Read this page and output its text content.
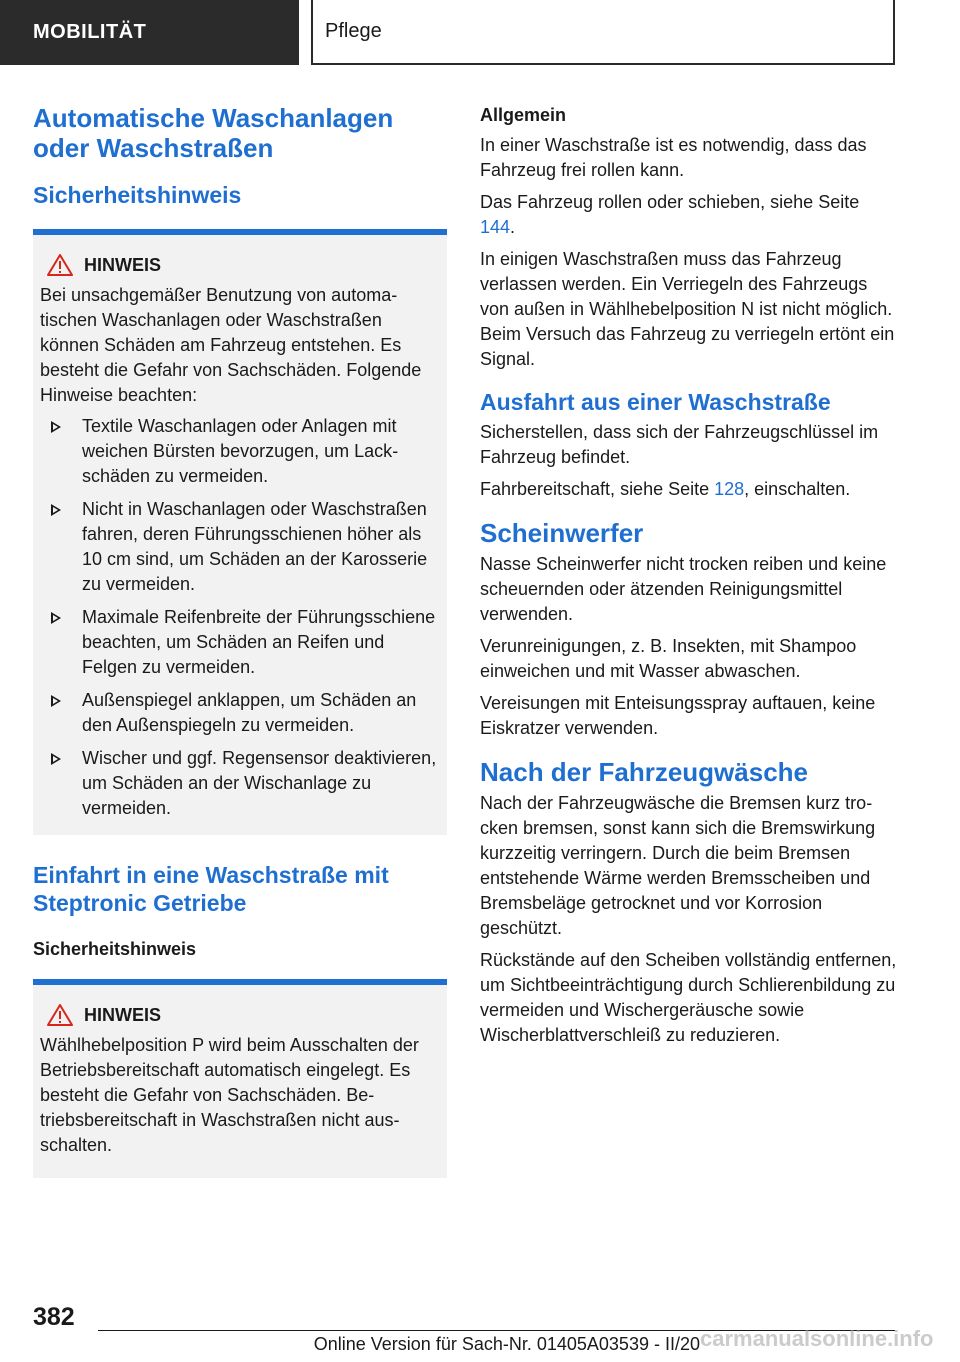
MOBILITÄT	Pflege
Automatische Waschanlagen oder Waschstraßen
Sicherheitshinweis
HINWEIS

Bei unsachgemäßer Benutzung von automatischen Waschanlagen oder Waschstraßen können Schäden am Fahrzeug entstehen. Es besteht die Gefahr von Sachschäden. Folgende Hinweise beachten:

Textile Waschanlagen oder Anlagen mit weichen Bürsten bevorzugen, um Lackschäden zu vermeiden.
Nicht in Waschanlagen oder Waschstraßen fahren, deren Führungsschienen höher als 10 cm sind, um Schäden an der Karosserie zu vermeiden.
Maximale Reifenbreite der Führungsschiene beachten, um Schäden an Reifen und Felgen zu vermeiden.
Außenspiegel anklappen, um Schäden an den Außenspiegeln zu vermeiden.
Wischer und ggf. Regensensor deaktivieren, um Schäden an der Wischanlage zu vermeiden.
Einfahrt in eine Waschstraße mit Steptronic Getriebe
Sicherheitshinweis
HINWEIS

Wählhebelposition P wird beim Ausschalten der Betriebsbereitschaft automatisch eingelegt. Es besteht die Gefahr von Sachschäden. Betriebsbereitschaft in Waschstraßen nicht ausschalten.

Allgemein

In einer Waschstraße ist es notwendig, dass das Fahrzeug frei rollen kann.

Das Fahrzeug rollen oder schieben, siehe Seite 144.

In einigen Waschstraßen muss das Fahrzeug verlassen werden. Ein Verriegeln des Fahrzeugs von außen in Wählhebelposition N ist nicht möglich. Beim Versuch das Fahrzeug zu verriegeln ertönt ein Signal.

Ausfahrt aus einer Waschstraße

Sicherstellen, dass sich der Fahrzeugschlüssel im Fahrzeug befindet.

Fahrbereitschaft, siehe Seite 128, einschalten.

Scheinwerfer

Nasse Scheinwerfer nicht trocken reiben und keine scheuernden oder ätzenden Reinigungsmittel verwenden.

Verunreinigungen, z. B. Insekten, mit Shampoo einweichen und mit Wasser abwaschen.

Vereisungen mit Enteisungsspray auftauen, keine Eiskratzer verwenden.

Nach der Fahrzeugwäsche

Nach der Fahrzeugwäsche die Bremsen kurz trocken bremsen, sonst kann sich die Bremswirkung kurzzeitig verringern. Durch die beim Bremsen entstehende Wärme werden Bremsscheiben und Bremsbeläge getrocknet und vor Korrosion geschützt.

Rückstände auf den Scheiben vollständig entfernen, um Sichtbeeinträchtigung durch Schlierenbildung zu vermeiden und Wischergeräusche sowie Wischerblattverschleiß zu reduzieren.

382
Online Version für Sach-Nr. 01405A03539 - II/20 carmanualsonline.info
